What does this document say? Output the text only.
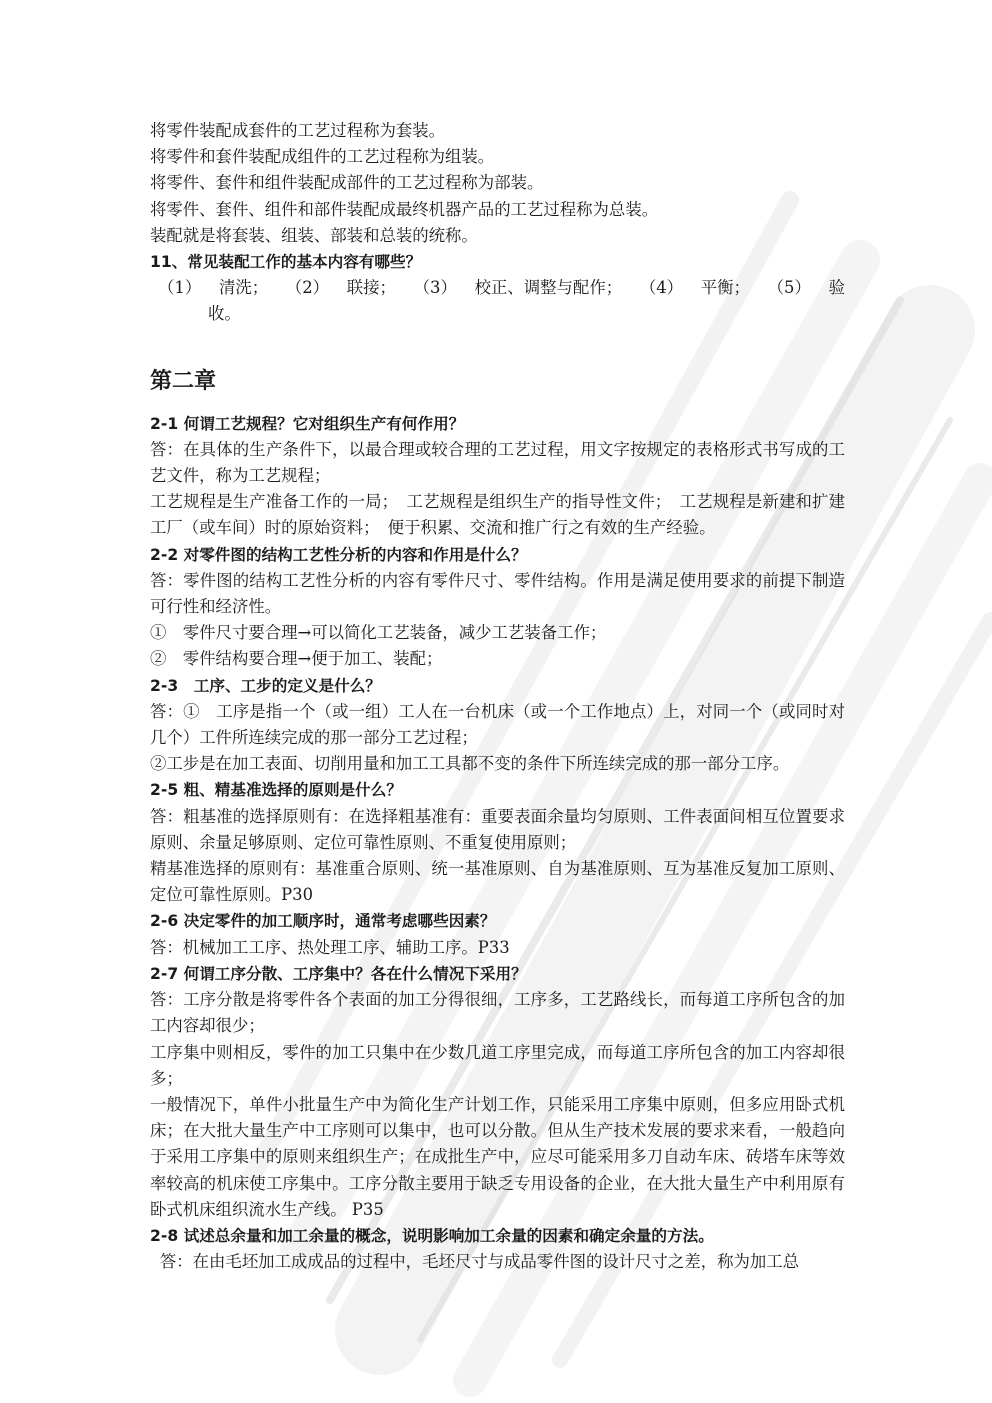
将零件装配成套件的工艺过程称为套装。

将零件和套件装配成组件的工艺过程称为组装。

将零件、套件和组件装配成部件的工艺过程称为部装。

将零件、套件、组件和部件装配成最终机器产品的工艺过程称为总装。

装配就是将套装、组装、部装和总装的统称。

11、常见装配工作的基本内容有哪些？

（1） 清洗； （2） 联接； （3） 校正、调整与配作； （4） 平衡； （5） 验

收。

第二章

2-1 何谓工艺规程？它对组织生产有何作用？

答：在具体的生产条件下，以最合理或较合理的工艺过程，用文字按规定的表格形式书写成的工艺文件，称为工艺规程；

工艺规程是生产准备工作的一局；　工艺规程是组织生产的指导性文件；　工艺规程是新建和扩建工厂（或车间）时的原始资料；　便于积累、交流和推广行之有效的生产经验。

2-2 对零件图的结构工艺性分析的内容和作用是什么？

答：零件图的结构工艺性分析的内容有零件尺寸、零件结构。作用是满足使用要求的前提下制造可行性和经济性。

①　零件尺寸要合理→可以简化工艺装备，减少工艺装备工作；

②　零件结构要合理→便于加工、装配；

2-3　工序、工步的定义是什么？

答：①　工序是指一个（或一组）工人在一台机床（或一个工作地点）上，对同一个（或同时对几个）工件所连续完成的那一部分工艺过程；

②工步是在加工表面、切削用量和加工工具都不变的条件下所连续完成的那一部分工序。

2-5 粗、精基准选择的原则是什么？

答：粗基准的选择原则有：在选择粗基准有：重要表面余量均匀原则、工件表面间相互位置要求原则、余量足够原则、定位可靠性原则、不重复使用原则；

精基准选择的原则有：基准重合原则、统一基准原则、自为基准原则、互为基准反复加工原则、定位可靠性原则。P30

2-6 决定零件的加工顺序时，通常考虑哪些因素？

答：机械加工工序、热处理工序、辅助工序。P33

2-7 何谓工序分散、工序集中？各在什么情况下采用？

答：工序分散是将零件各个表面的加工分得很细，工序多，工艺路线长，而每道工序所包含的加工内容却很少；

工序集中则相反，零件的加工只集中在少数几道工序里完成，而每道工序所包含的加工内容却很多；

一般情况下，单件小批量生产中为简化生产计划工作，只能采用工序集中原则，但多应用卧式机床；在大批大量生产中工序则可以集中，也可以分散。但从生产技术发展的要求来看，一般趋向于采用工序集中的原则来组织生产；在成批生产中，应尽可能采用多刀自动车床、砖塔车床等效率较高的机床使工序集中。工序分散主要用于缺乏专用设备的企业，在大批大量生产中利用原有卧式机床组织流水生产线。 P35

2-8 试述总余量和加工余量的概念，说明影响加工余量的因素和确定余量的方法。

答：在由毛坯加工成成品的过程中，毛坯尺寸与成品零件图的设计尺寸之差，称为加工总
